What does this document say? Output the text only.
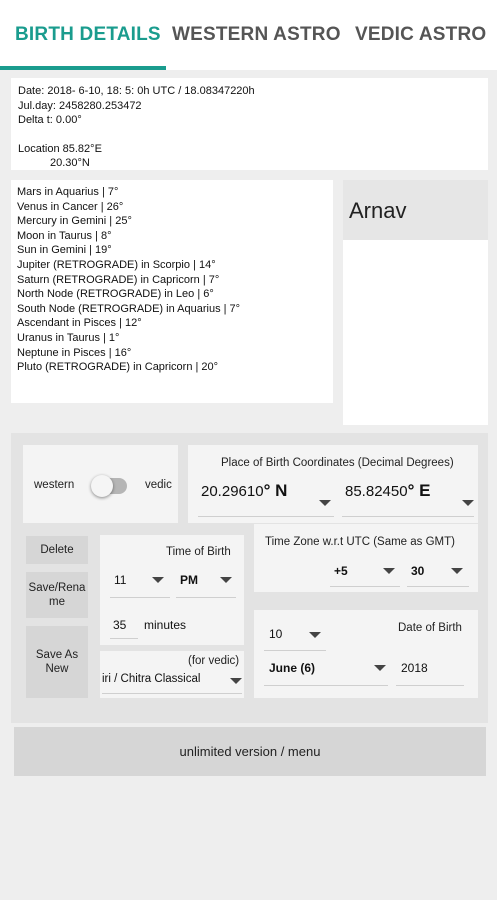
BIRTH DETAILS WESTERN ASTRO VEDIC ASTRO
Date: 2018- 6-10, 18: 5: 0h UTC / 18.08347220h
Jul.day: 2458280.253472
Delta t: 0.00°
Location 85.82°E
20.30°N
Mars in Aquarius | 7°
Venus in Cancer | 26°
Mercury in Gemini | 25°
Moon in Taurus | 8°
Sun in Gemini | 19°
Jupiter (RETROGRADE) in Scorpio | 14°
Saturn (RETROGRADE) in Capricorn | 7°
North Node (RETROGRADE) in Leo | 6°
South Node (RETROGRADE) in Aquarius | 7°
Ascendant in Pisces | 12°
Uranus in Taurus | 1°
Neptune in Pisces | 16°
Pluto (RETROGRADE) in Capricorn | 20°
Arnav
western	vedic
Place of Birth Coordinates (Decimal Degrees)
20.29610° N	85.82450° E
Delete
Save/Rena me
Save As New
Time of Birth
11	PM
35 minutes
(for vedic)
iri / Chitra Classical
Time Zone w.r.t UTC (Same as GMT)
+5	30
Date of Birth
10
June (6)	2018
unlimited version / menu
